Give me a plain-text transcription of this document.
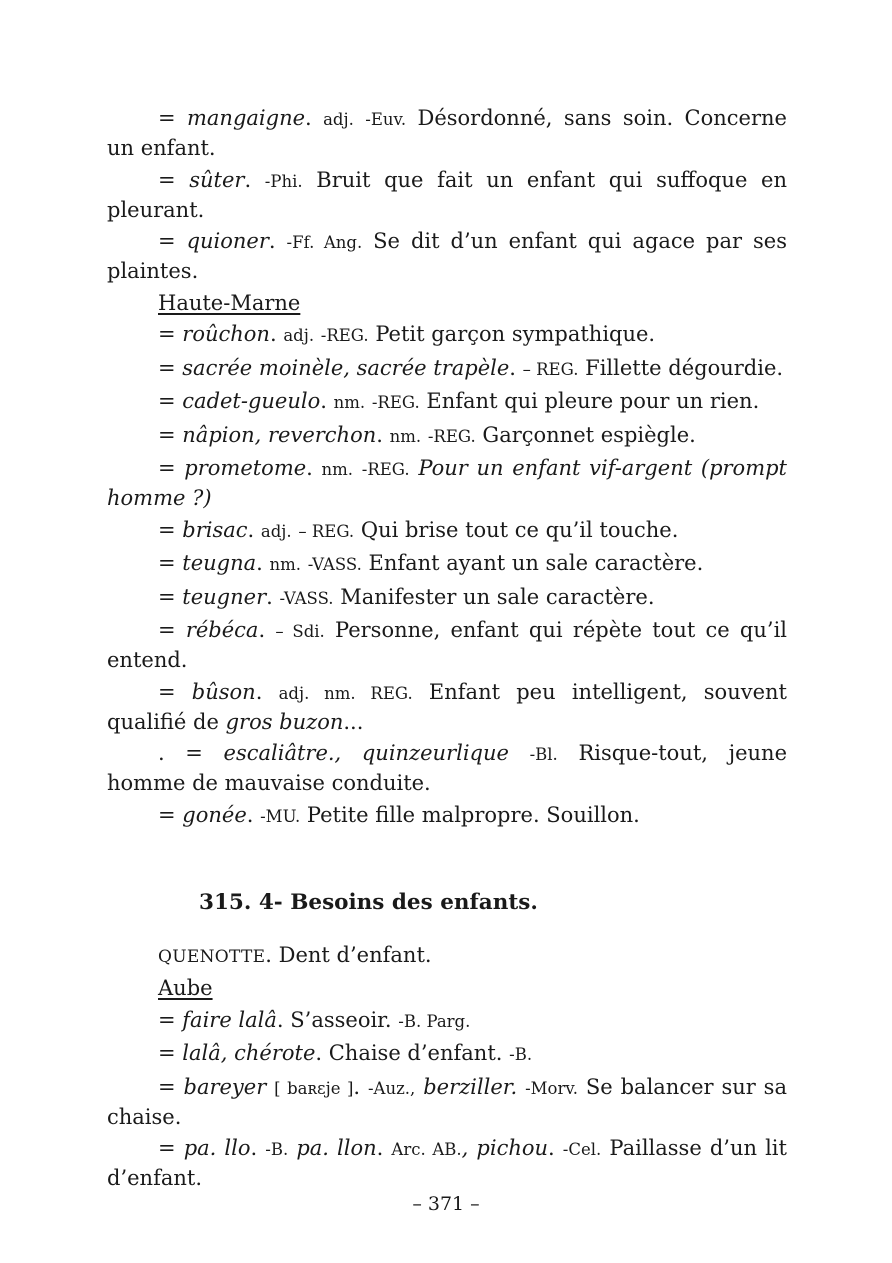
= mangaigne. adj. -Euv. Désordonné, sans soin. Concerne un enfant.

= sûter. -Phi. Bruit que fait un enfant qui suffoque en pleurant.

= quioner. -Ff. Ang. Se dit d’un enfant qui agace par ses plaintes.

Haute-Marne

= roûchon. adj. -REG. Petit garçon sympathique.

= sacrée moinèle, sacrée trapèle. – REG. Fillette dégourdie.

= cadet-gueulo. nm. -REG. Enfant qui pleure pour un rien.

= nâpion, reverchon. nm. -REG. Garçonnet espiègle.

= prometome. nm. -REG. Pour un enfant vif-argent (prompt homme ?)

= brisac. adj. – REG. Qui brise tout ce qu’il touche.

= teugna. nm. -VASS. Enfant ayant un sale caractère.

= teugner. -VASS. Manifester un sale caractère.

= rébéca. – Sdi. Personne, enfant qui répète tout ce qu’il entend.

= bûson. adj. nm. REG. Enfant peu intelligent, souvent qualifié de gros buzon...

. = escaliâtre., quinzeurlique -Bl. Risque-tout, jeune homme de mauvaise conduite.

= gonée. -MU. Petite fille malpropre. Souillon.

315. 4- Besoins des enfants.

QUENOTTE. Dent d’enfant.

Aube

= faire lalâ. S’asseoir. -B. Parg.

= lalâ, chérote. Chaise d’enfant. -B.

= bareyer [ baʀɛje ]. -Auz., berziller. -Morv. Se balancer sur sa chaise.

= pa. llo. -B. pa. llon. Arc. AB., pichou. -Cel. Paillasse d’un lit d’enfant.

– 371 –
